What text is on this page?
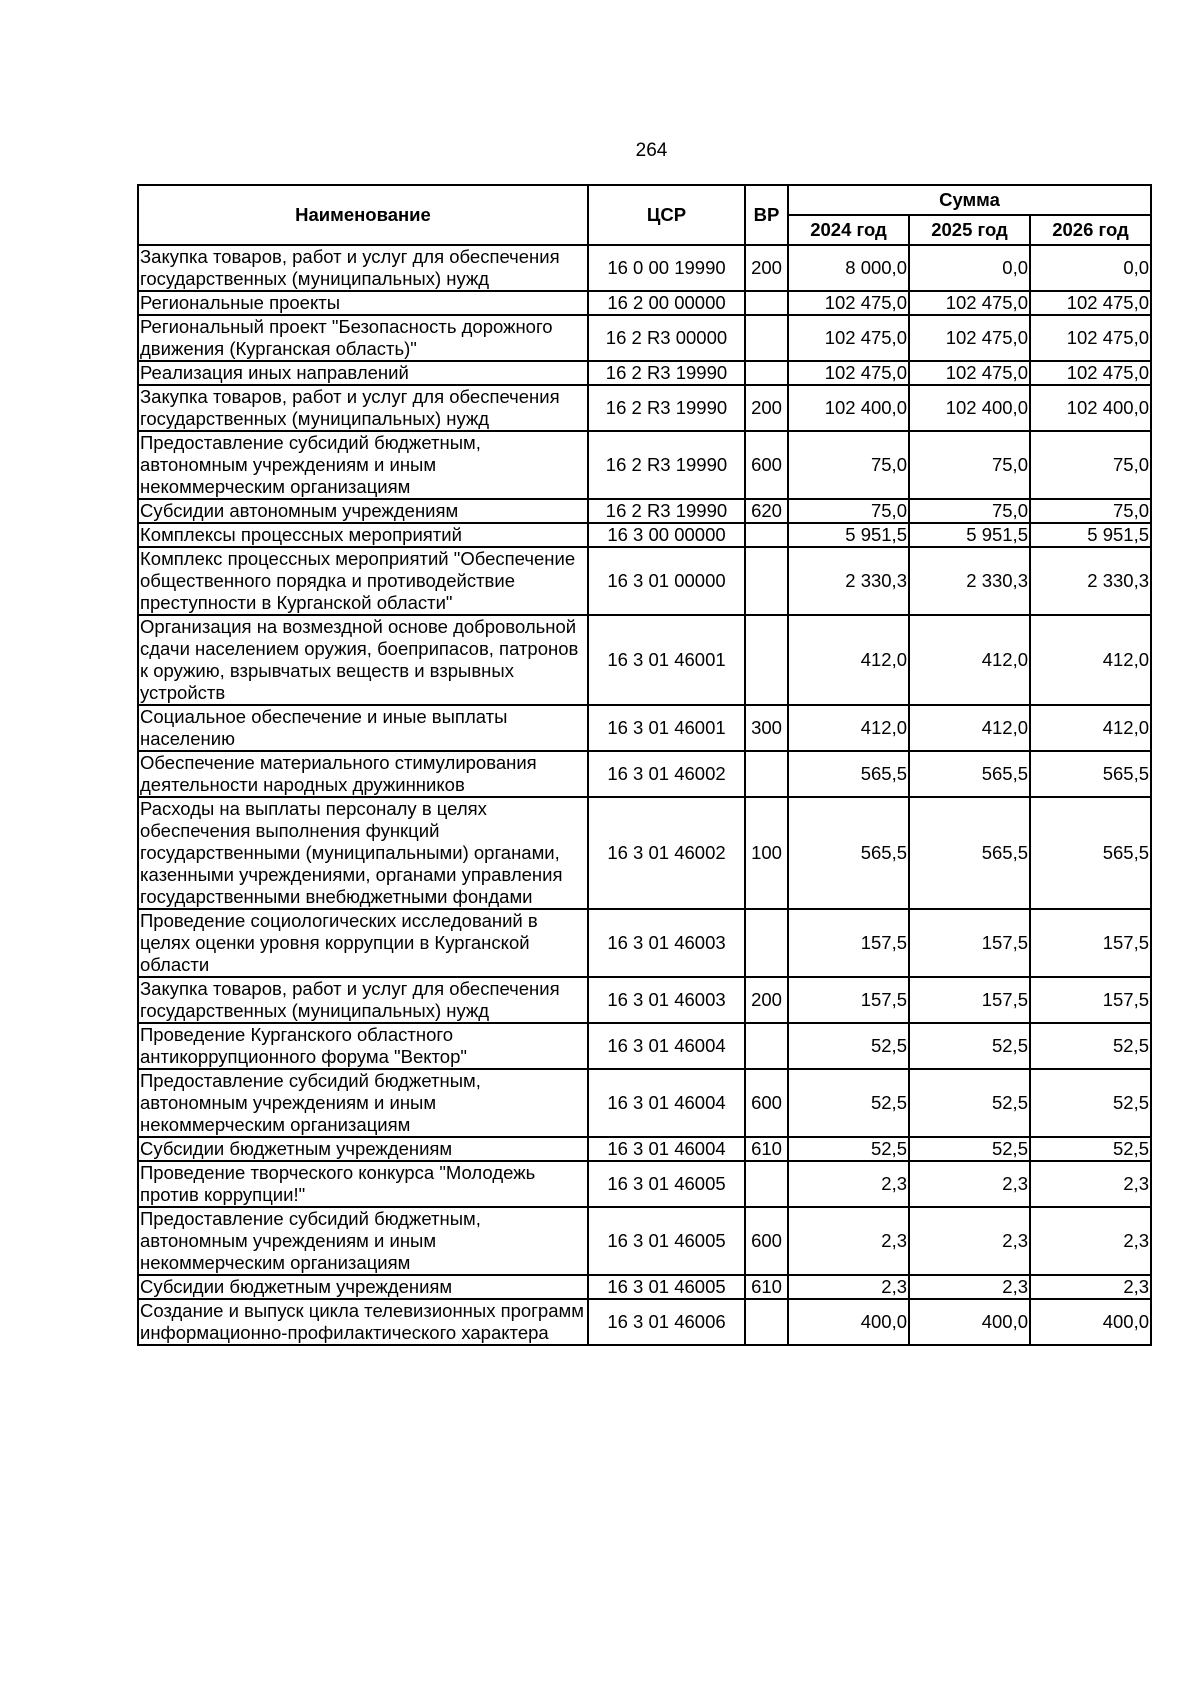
264
Наименование	ЦСР	ВР	Сумма		
			2024 год	2025 год	2026 год
Закупка товаров, работ и услуг для обеспечения государственных (муниципальных) нужд	16 0 00 19990	200	8 000,0	0,0	0,0
Региональные проекты	16 2 00 00000		102 475,0	102 475,0	102 475,0
Региональный проект "Безопасность дорожного движения (Курганская область)"	16 2 R3 00000		102 475,0	102 475,0	102 475,0
Реализация иных направлений	16 2 R3 19990		102 475,0	102 475,0	102 475,0
Закупка товаров, работ и услуг для обеспечения государственных (муниципальных) нужд	16 2 R3 19990	200	102 400,0	102 400,0	102 400,0
Предоставление субсидий бюджетным, автономным учреждениям и иным некоммерческим организациям	16 2 R3 19990	600	75,0	75,0	75,0
Субсидии автономным учреждениям	16 2 R3 19990	620	75,0	75,0	75,0
Комплексы процессных мероприятий	16 3 00 00000		5 951,5	5 951,5	5 951,5
Комплекс процессных мероприятий "Обеспечение общественного порядка и противодействие преступности в Курганской области"	16 3 01 00000		2 330,3	2 330,3	2 330,3
Организация на возмездной основе добровольной сдачи населением оружия, боеприпасов, патронов к оружию, взрывчатых веществ и взрывных устройств	16 3 01 46001		412,0	412,0	412,0
Социальное обеспечение и иные выплаты населению	16 3 01 46001	300	412,0	412,0	412,0
Обеспечение материального стимулирования деятельности народных дружинников	16 3 01 46002		565,5	565,5	565,5
Расходы на выплаты персоналу в целях обеспечения выполнения функций государственными (муниципальными) органами, казенными учреждениями, органами управления государственными внебюджетными фондами	16 3 01 46002	100	565,5	565,5	565,5
Проведение социологических исследований в целях оценки уровня коррупции в Курганской области	16 3 01 46003		157,5	157,5	157,5
Закупка товаров, работ и услуг для обеспечения государственных (муниципальных) нужд	16 3 01 46003	200	157,5	157,5	157,5
Проведение Курганского областного антикоррупционного форума "Вектор"	16 3 01 46004		52,5	52,5	52,5
Предоставление субсидий бюджетным, автономным учреждениям и иным некоммерческим организациям	16 3 01 46004	600	52,5	52,5	52,5
Субсидии бюджетным учреждениям	16 3 01 46004	610	52,5	52,5	52,5
Проведение творческого конкурса "Молодежь против коррупции!"	16 3 01 46005		2,3	2,3	2,3
Предоставление субсидий бюджетным, автономным учреждениям и иным некоммерческим организациям	16 3 01 46005	600	2,3	2,3	2,3
Субсидии бюджетным учреждениям	16 3 01 46005	610	2,3	2,3	2,3
Создание и выпуск цикла телевизионных программ информационно-профилактического характера	16 3 01 46006		400,0	400,0	400,0
